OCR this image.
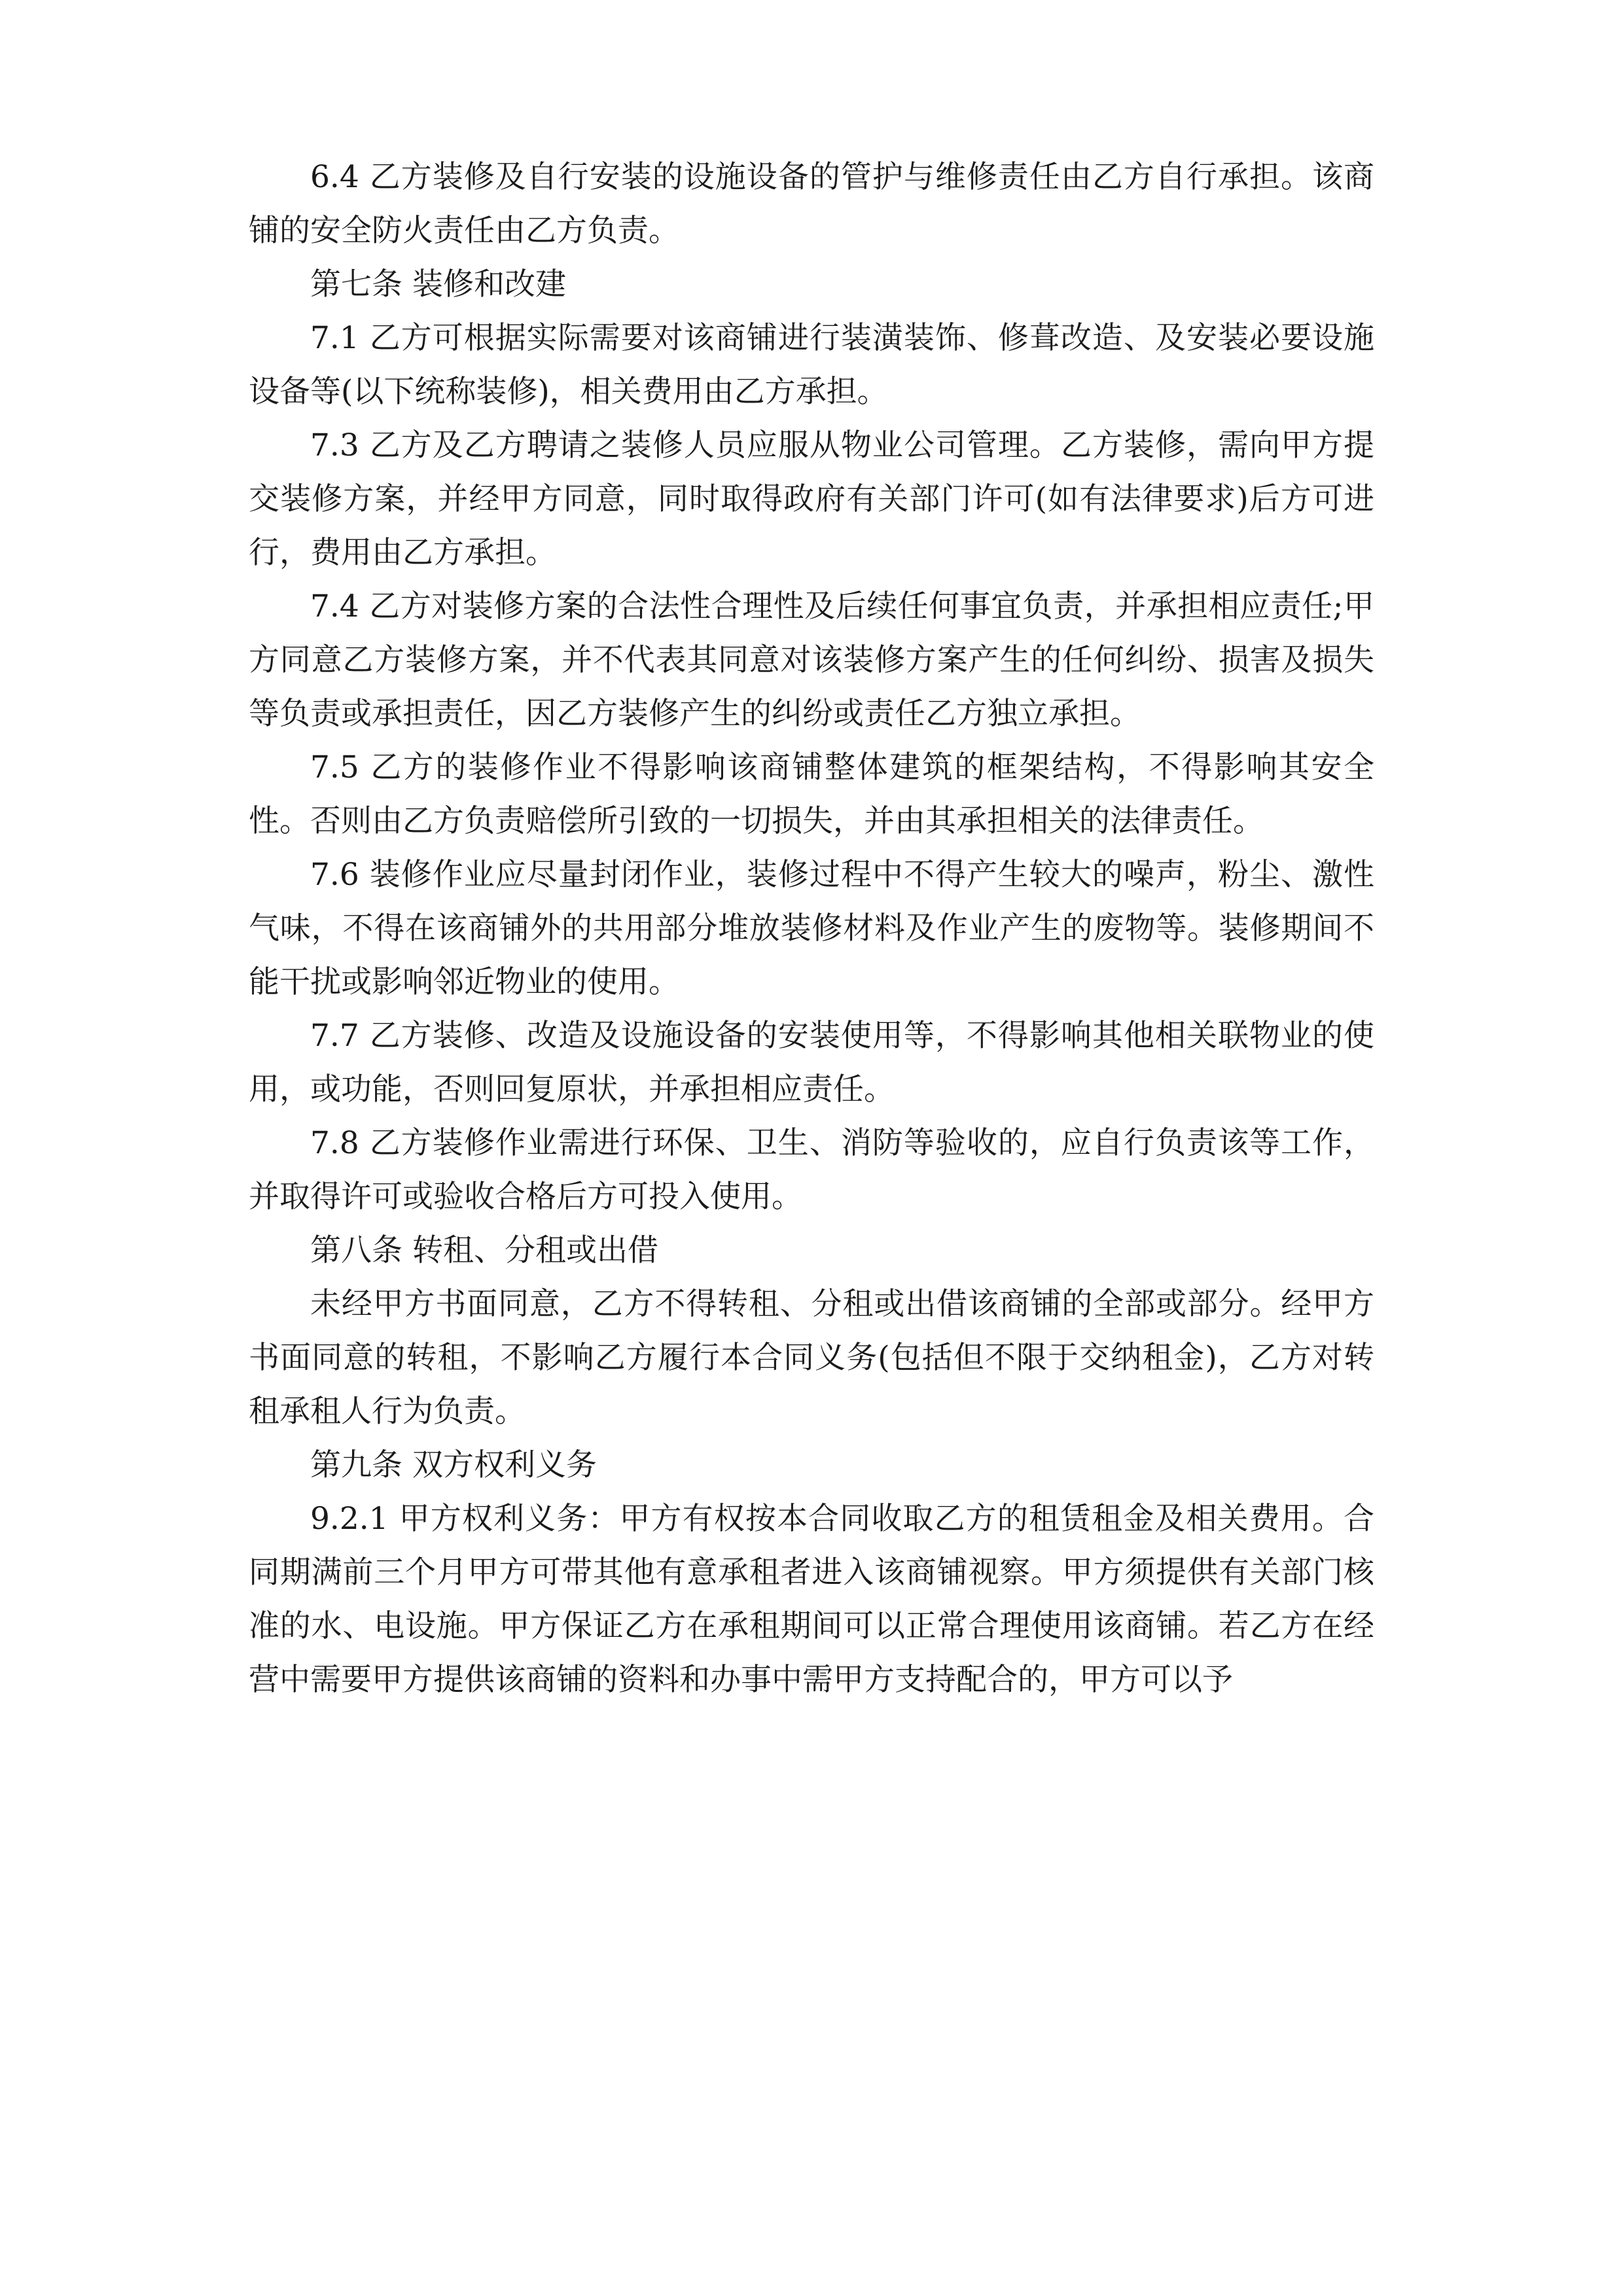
6.4 乙方装修及自行安装的设施设备的管护与维修责任由乙方自行承担。该商铺的安全防火责任由乙方负责。

第七条 装修和改建

7.1 乙方可根据实际需要对该商铺进行装潢装饰、修葺改造、及安装必要设施设备等(以下统称装修)，相关费用由乙方承担。

7.3 乙方及乙方聘请之装修人员应服从物业公司管理。乙方装修，需向甲方提交装修方案，并经甲方同意，同时取得政府有关部门许可(如有法律要求)后方可进行，费用由乙方承担。

7.4 乙方对装修方案的合法性合理性及后续任何事宜负责，并承担相应责任;甲方同意乙方装修方案，并不代表其同意对该装修方案产生的任何纠纷、损害及损失等负责或承担责任，因乙方装修产生的纠纷或责任乙方独立承担。

7.5 乙方的装修作业不得影响该商铺整体建筑的框架结构，不得影响其安全性。否则由乙方负责赔偿所引致的一切损失，并由其承担相关的法律责任。

7.6 装修作业应尽量封闭作业，装修过程中不得产生较大的噪声，粉尘、激性气味，不得在该商铺外的共用部分堆放装修材料及作业产生的废物等。装修期间不能干扰或影响邻近物业的使用。

7.7 乙方装修、改造及设施设备的安装使用等，不得影响其他相关联物业的使用，或功能，否则回复原状，并承担相应责任。

7.8 乙方装修作业需进行环保、卫生、消防等验收的，应自行负责该等工作，并取得许可或验收合格后方可投入使用。

第八条 转租、分租或出借

未经甲方书面同意，乙方不得转租、分租或出借该商铺的全部或部分。经甲方书面同意的转租，不影响乙方履行本合同义务(包括但不限于交纳租金)，乙方对转租承租人行为负责。

第九条 双方权利义务

9.2.1 甲方权利义务：甲方有权按本合同收取乙方的租赁租金及相关费用。合同期满前三个月甲方可带其他有意承租者进入该商铺视察。甲方须提供有关部门核准的水、电设施。甲方保证乙方在承租期间可以正常合理使用该商铺。若乙方在经营中需要甲方提供该商铺的资料和办事中需甲方支持配合的，甲方可以予
